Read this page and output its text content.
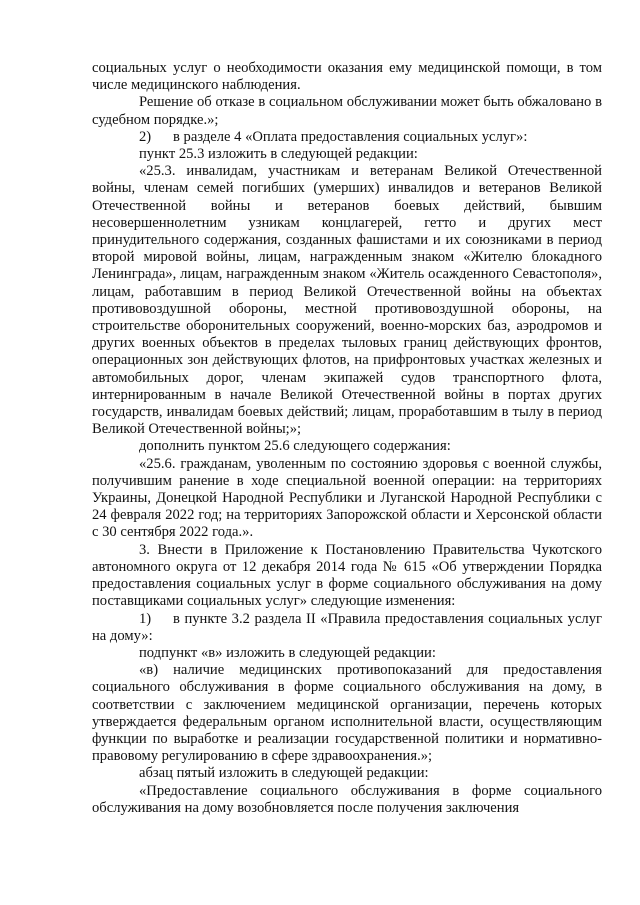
социальных услуг о необходимости оказания ему медицинской помощи, в том числе медицинского наблюдения.

Решение об отказе в социальном обслуживании может быть обжаловано в судебном порядке.»;

2) в разделе 4 «Оплата предоставления социальных услуг»:

пункт 25.3 изложить в следующей редакции:

«25.3. инвалидам, участникам и ветеранам Великой Отечественной войны, членам семей погибших (умерших) инвалидов и ветеранов Великой Отечественной войны и ветеранов боевых действий, бывшим несовершеннолетним узникам концлагерей, гетто и других мест принудительного содержания, созданных фашистами и их союзниками в период второй мировой войны, лицам, награжденным знаком «Жителю блокадного Ленинграда», лицам, награжденным знаком «Житель осажденного Севастополя», лицам, работавшим в период Великой Отечественной войны на объектах противовоздушной обороны, местной противовоздушной обороны, на строительстве оборонительных сооружений, военно-морских баз, аэродромов и других военных объектов в пределах тыловых границ действующих фронтов, операционных зон действующих флотов, на прифронтовых участках железных и автомобильных дорог, членам экипажей судов транспортного флота, интернированным в начале Великой Отечественной войны в портах других государств, инвалидам боевых действий; лицам, проработавшим в тылу в период Великой Отечественной войны;»;

дополнить пунктом 25.6 следующего содержания:

«25.6. гражданам, уволенным по состоянию здоровья с военной службы, получившим ранение в ходе специальной военной операции: на территориях Украины, Донецкой Народной Республики и Луганской Народной Республики с 24 февраля 2022 год; на территориях Запорожской области и Херсонской области с 30 сентября 2022 года.».

3. Внести в Приложение к Постановлению Правительства Чукотского автономного округа от 12 декабря 2014 года № 615 «Об утверждении Порядка предоставления социальных услуг в форме социального обслуживания на дому поставщиками социальных услуг» следующие изменения:

1) в пункте 3.2 раздела II «Правила предоставления социальных услуг на дому»:

подпункт «в» изложить в следующей редакции:

«в) наличие медицинских противопоказаний для предоставления социального обслуживания в форме социального обслуживания на дому, в соответствии с заключением медицинской организации, перечень которых утверждается федеральным органом исполнительной власти, осуществляющим функции по выработке и реализации государственной политики и нормативно-правовому регулированию в сфере здравоохранения.»;

абзац пятый изложить в следующей редакции:

«Предоставление социального обслуживания в форме социального обслуживания на дому возобновляется после получения заключения
